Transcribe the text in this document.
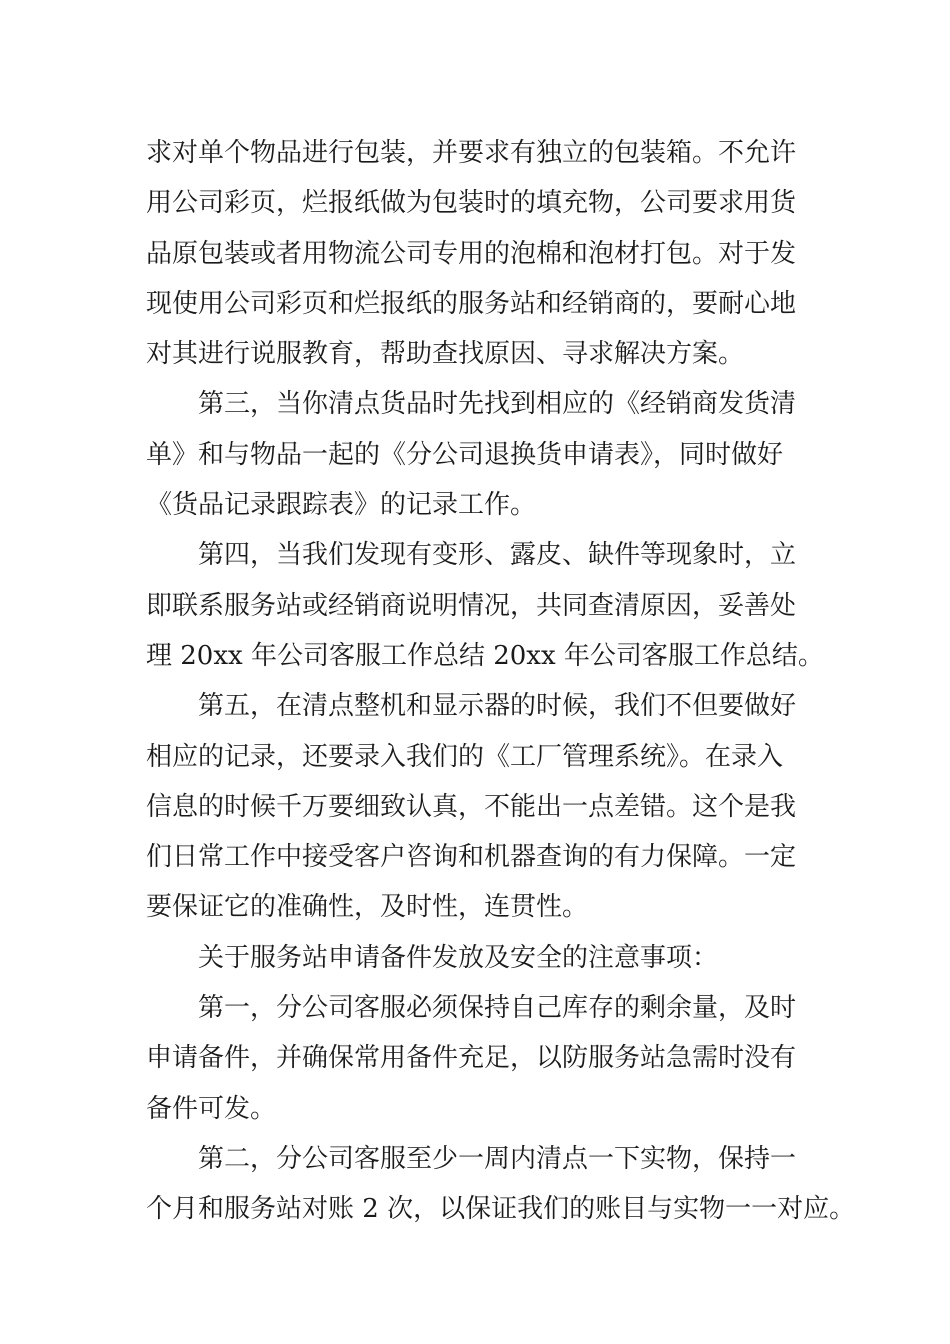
求对单个物品进行包装，并要求有独立的包装箱。不允许
用公司彩页，烂报纸做为包装时的填充物，公司要求用货
品原包装或者用物流公司专用的泡棉和泡材打包。对于发
现使用公司彩页和烂报纸的服务站和经销商的，要耐心地
对其进行说服教育，帮助查找原因、寻求解决方案。
第三，当你清点货品时先找到相应的《经销商发货清
单》和与物品一起的《分公司退换货申请表》，同时做好
《货品记录跟踪表》的记录工作。
第四，当我们发现有变形、露皮、缺件等现象时，立
即联系服务站或经销商说明情况，共同查清原因，妥善处
理 20xx 年公司客服工作总结 20xx 年公司客服工作总结。
第五，在清点整机和显示器的时候，我们不但要做好
相应的记录，还要录入我们的《工厂管理系统》。在录入
信息的时候千万要细致认真，不能出一点差错。这个是我
们日常工作中接受客户咨询和机器查询的有力保障。一定
要保证它的准确性，及时性，连贯性。
关于服务站申请备件发放及安全的注意事项：
第一，分公司客服必须保持自己库存的剩余量，及时
申请备件，并确保常用备件充足，以防服务站急需时没有
备件可发。
第二，分公司客服至少一周内清点一下实物，保持一
个月和服务站对账 2 次，以保证我们的账目与实物一一对应。
